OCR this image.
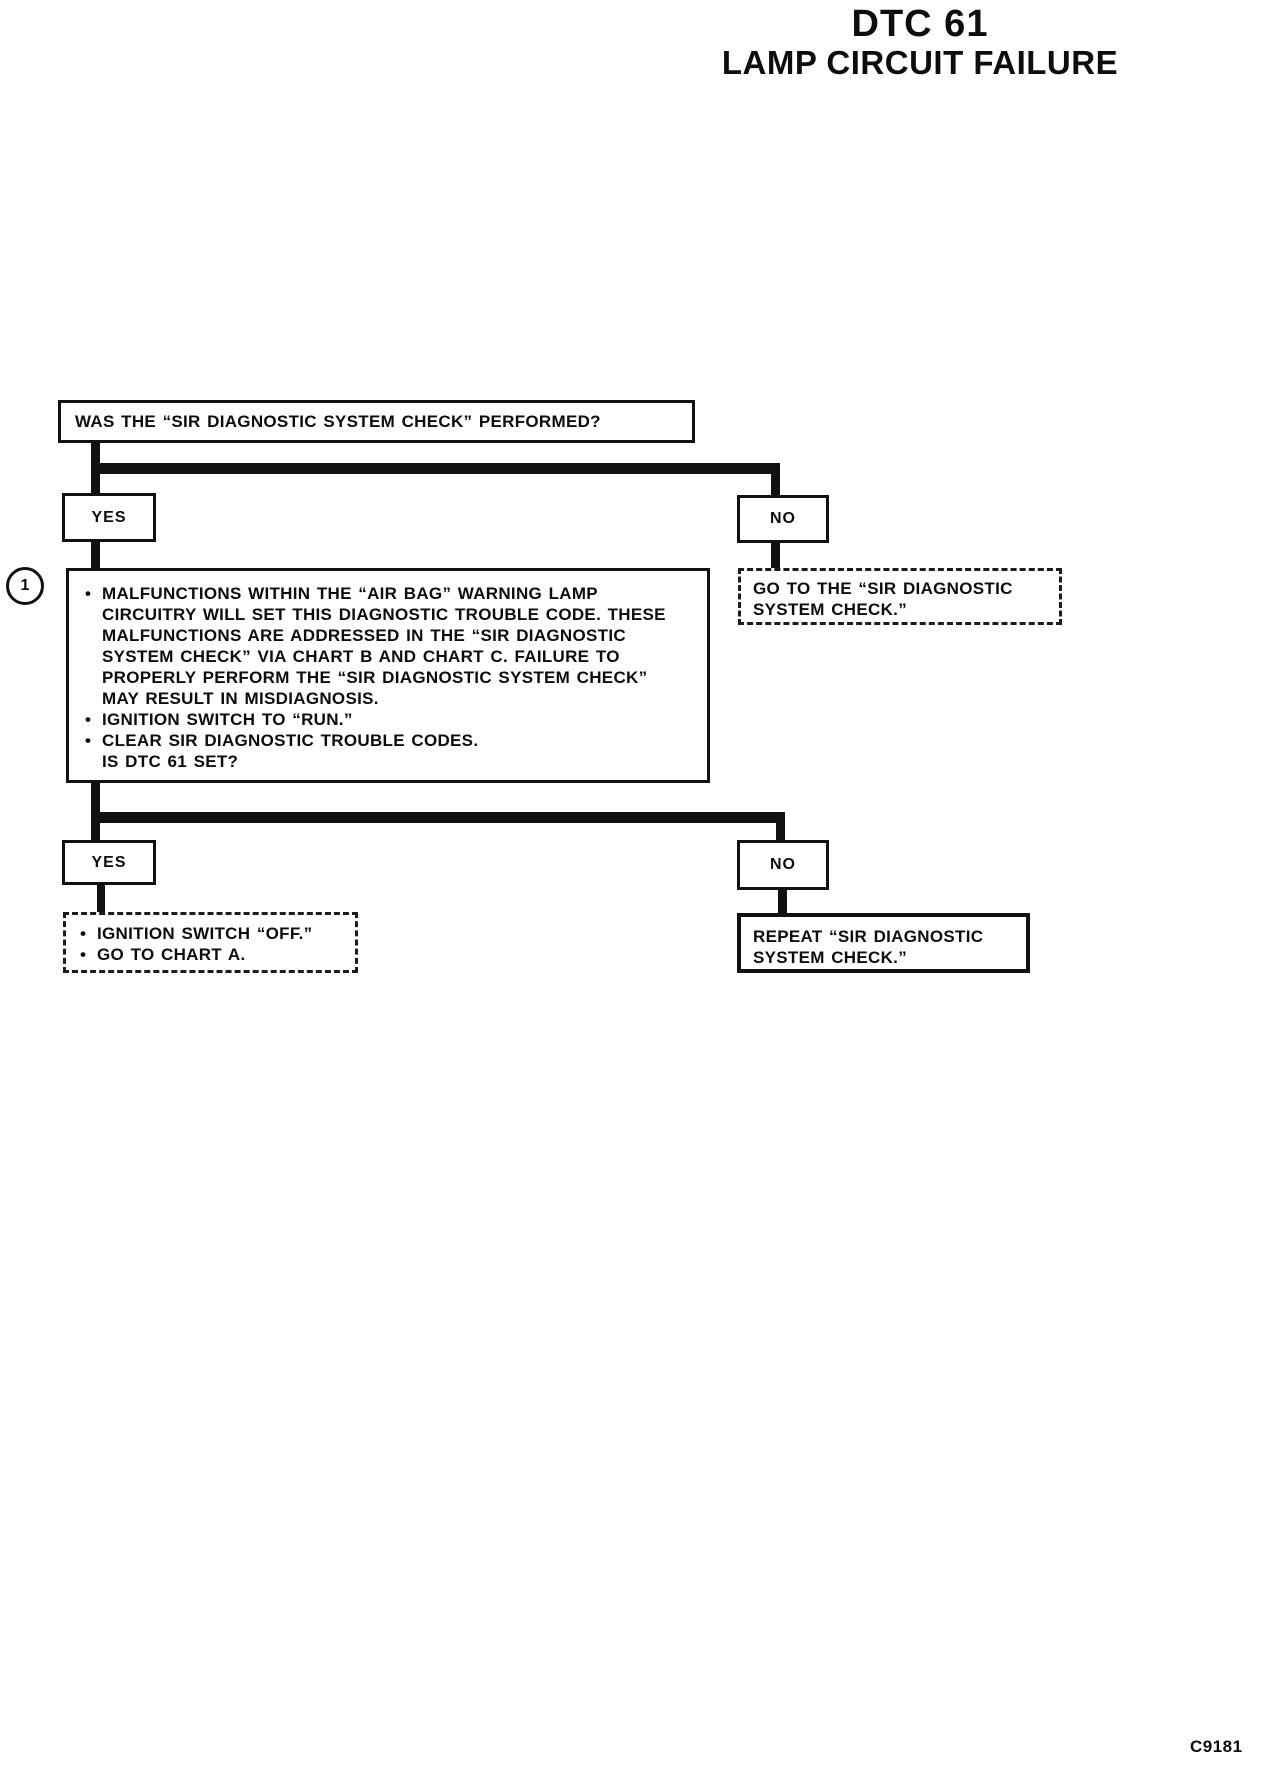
DTC 61
LAMP CIRCUIT FAILURE
WAS THE “SIR DIAGNOSTIC SYSTEM CHECK” PERFORMED?
YES	NO
1	• MALFUNCTIONS WITHIN THE “AIR BAG” WARNING LAMP CIRCUITRY WILL SET THIS DIAGNOSTIC TROUBLE CODE. THESE MALFUNCTIONS ARE ADDRESSED IN THE “SIR DIAGNOSTIC SYSTEM CHECK” VIA CHART B AND CHART C. FAILURE TO PROPERLY PERFORM THE “SIR DIAGNOSTIC SYSTEM CHECK” MAY RESULT IN MISDIAGNOSIS.
• IGNITION SWITCH TO “RUN.”
• CLEAR SIR DIAGNOSTIC TROUBLE CODES.
IS DTC 61 SET?
GO TO THE “SIR DIAGNOSTIC SYSTEM CHECK.”
YES	NO
• IGNITION SWITCH “OFF.”
• GO TO CHART A.
REPEAT “SIR DIAGNOSTIC SYSTEM CHECK.”
C9181
